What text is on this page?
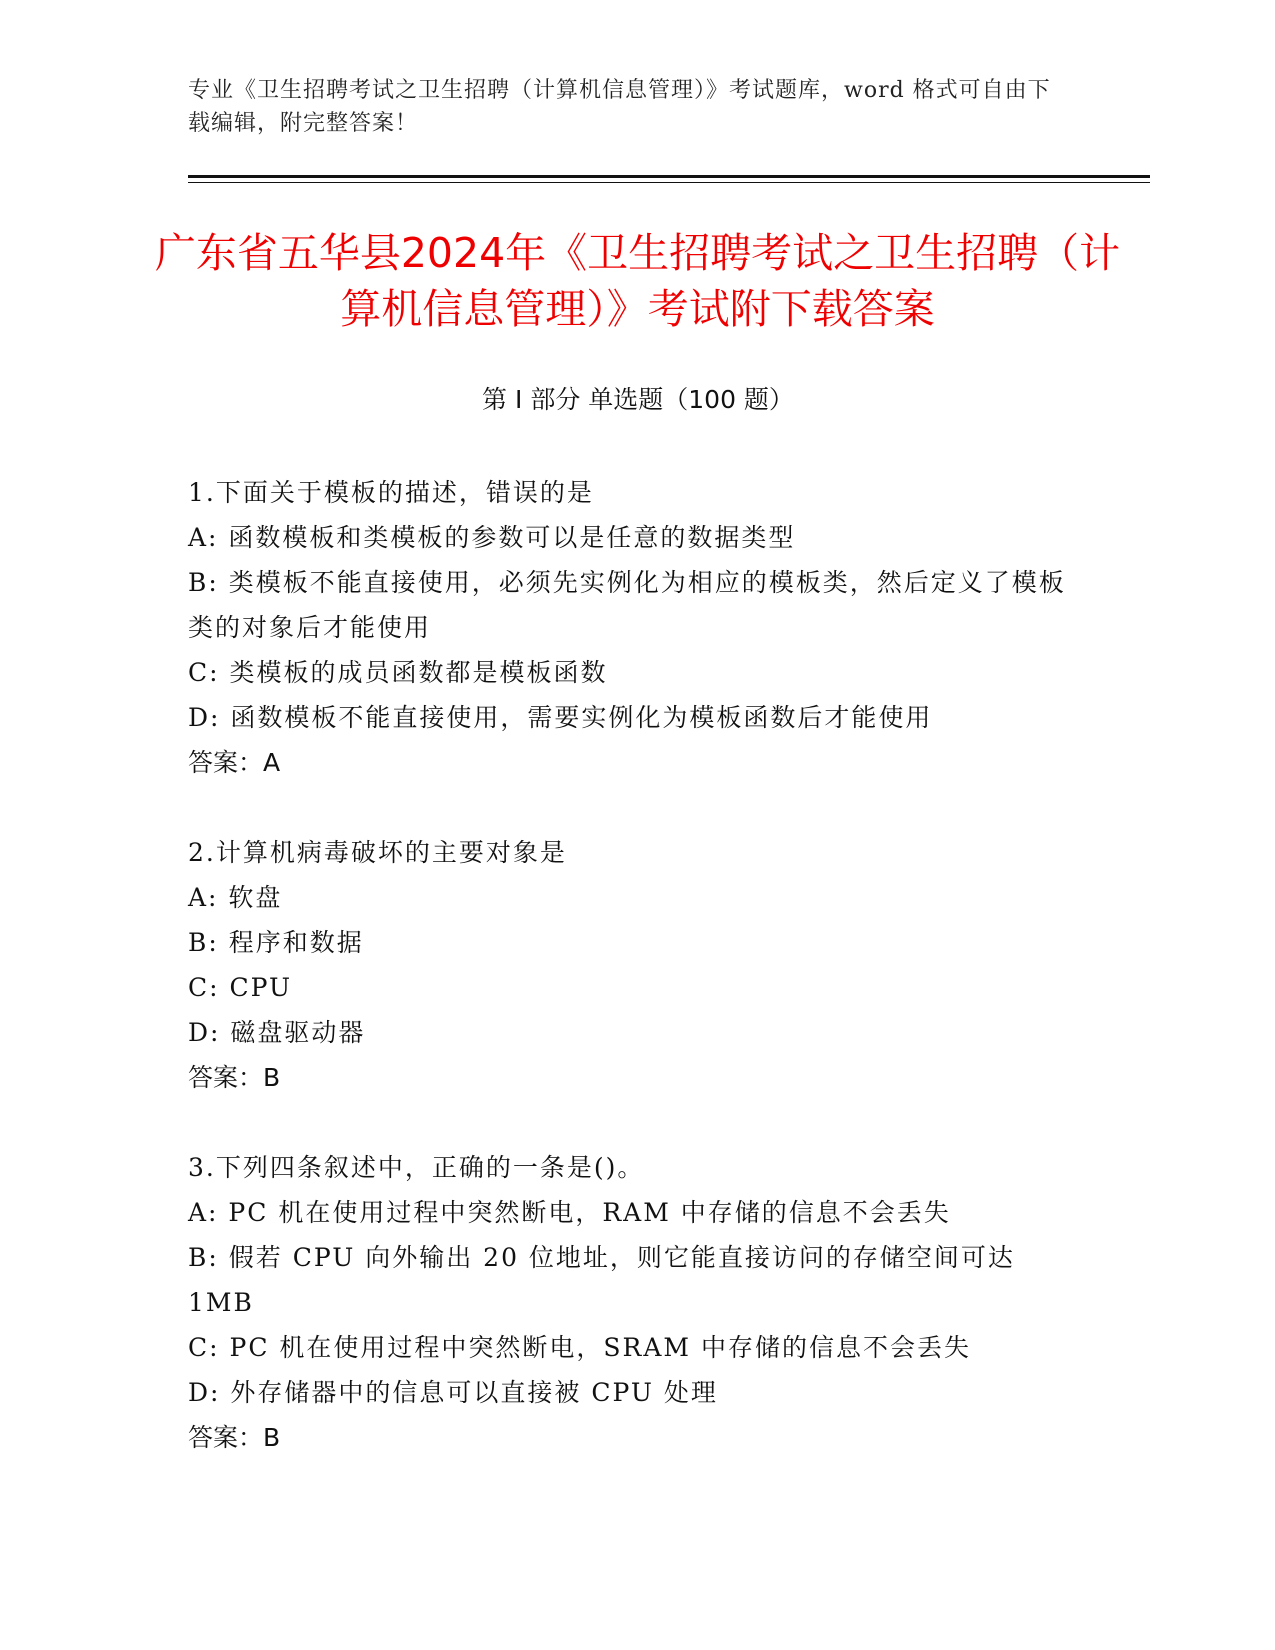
专业《卫生招聘考试之卫生招聘（计算机信息管理）》考试题库，word 格式可自由下载编辑，附完整答案！
广东省五华县2024年《卫生招聘考试之卫生招聘（计算机信息管理）》考试附下载答案
第 I 部分 单选题（100 题）
1.下面关于模板的描述，错误的是
A: 函数模板和类模板的参数可以是任意的数据类型
B: 类模板不能直接使用，必须先实例化为相应的模板类，然后定义了模板类的对象后才能使用
C: 类模板的成员函数都是模板函数
D: 函数模板不能直接使用，需要实例化为模板函数后才能使用
答案：A
2.计算机病毒破坏的主要对象是
A: 软盘
B: 程序和数据
C: CPU
D: 磁盘驱动器
答案：B
3.下列四条叙述中，正确的一条是()。
A: PC 机在使用过程中突然断电，RAM 中存储的信息不会丢失
B: 假若 CPU 向外输出 20 位地址，则它能直接访问的存储空间可达 1MB
C: PC 机在使用过程中突然断电，SRAM 中存储的信息不会丢失
D: 外存储器中的信息可以直接被 CPU 处理
答案：B
